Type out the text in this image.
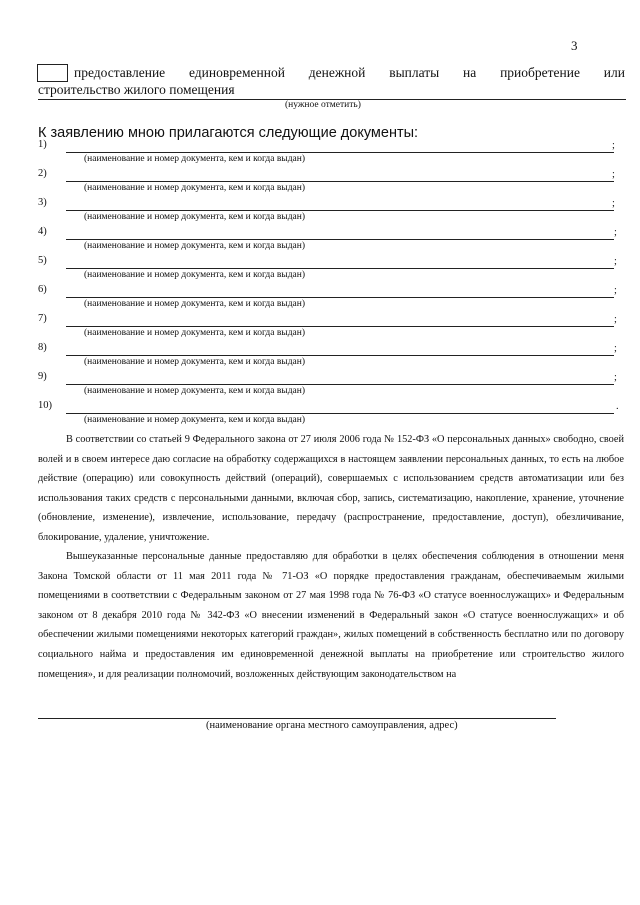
3
предоставление единовременной денежной выплаты на приобретение или
строительство жилого помещения
(нужное отметить)
К заявлению мною прилагаются следующие документы:
1)	;
(наименование и номер документа, кем и когда выдан)
2)	;
(наименование и номер документа, кем и когда выдан)
3)	;
(наименование и номер документа, кем и когда выдан)
4)	;
(наименование и номер документа, кем и когда выдан)
5)	;
(наименование и номер документа, кем и когда выдан)
6)	;
(наименование и номер документа, кем и когда выдан)
7)	;
(наименование и номер документа, кем и когда выдан)
8)	;
(наименование и номер документа, кем и когда выдан)
9)	;
(наименование и номер документа, кем и когда выдан)
10)	.
(наименование и номер документа, кем и когда выдан)

В соответствии со статьей 9 Федерального закона от 27 июля 2006 года № 152-ФЗ «О персональных данных» свободно, своей волей и в своем интересе даю согласие на обработку содержащихся в настоящем заявлении персональных данных, то есть на любое действие (операцию) или совокупность действий (операций), совершаемых с использованием средств автоматизации или без использования таких средств с персональными данными, включая сбор, запись, систематизацию, накопление, хранение, уточнение (обновление, изменение), извлечение, использование, передачу (распространение, предоставление, доступ), обезличивание, блокирование, удаление, уничтожение.

Вышеуказанные персональные данные предоставляю для обработки в целях обеспечения соблюдения в отношении меня Закона Томской области от 11 мая 2011 года № 71-ОЗ «О порядке предоставления гражданам, обеспечиваемым жилыми помещениями в соответствии с Федеральным законом от 27 мая 1998 года № 76-ФЗ «О статусе военнослужащих» и Федеральным законом от 8 декабря 2010 года № 342-ФЗ «О внесении изменений в Федеральный закон «О статусе военнослужащих» и об обеспечении жилыми помещениями некоторых категорий граждан», жилых помещений в собственность бесплатно или по договору социального найма и предоставления им единовременной денежной выплаты на приобретение или строительство жилого помещения», и для реализации полномочий, возложенных действующим законодательством на

(наименование органа местного самоуправления, адрес)
